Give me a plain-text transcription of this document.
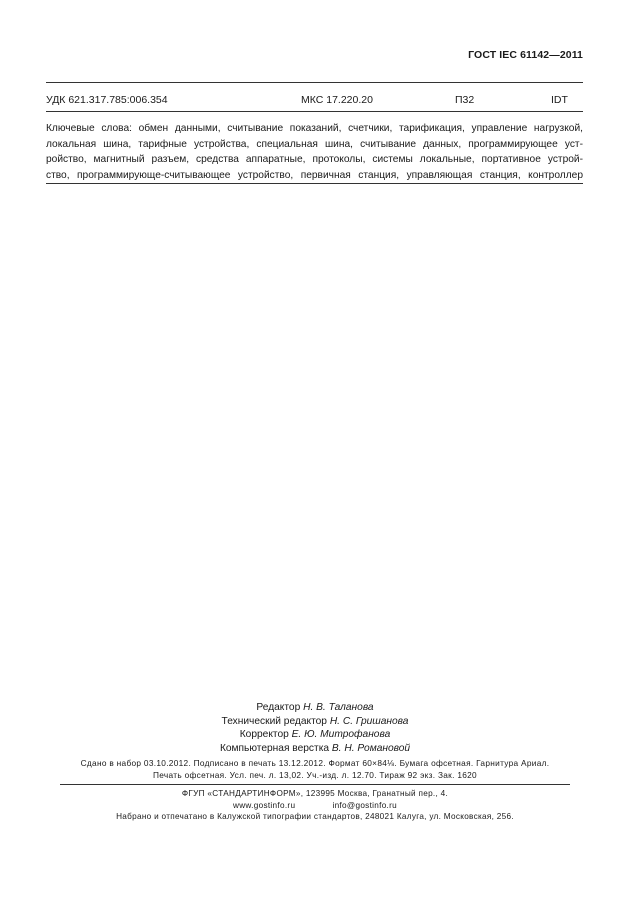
ГОСТ IEC 61142—2011
УДК 621.317.785:006.354	МКС 17.220.20	П32	IDT
Ключевые слова: обмен данными, считывание показаний, счетчики, тарификация, управление нагрузкой,
локальная шина, тарифные устройства, специальная шина, считывание данных, программирующее уст-
ройство, магнитный разъем, средства аппаратные, протоколы, системы локальные, портативное устрой-
ство, программирующе-считывающее устройство, первичная станция, управляющая станция, контроллер
Редактор Н. В. Таланова
Технический редактор Н. С. Гришанова
Корректор Е. Ю. Митрофанова
Компьютерная верстка В. Н. Романовой
Сдано в набор 03.10.2012. Подписано в печать 13.12.2012. Формат 60×84⅛. Бумага офсетная. Гарнитура Ариал.
Печать офсетная. Усл. печ. л. 13,02. Уч.-изд. л. 12.70. Тираж 92 экз. Зак. 1620
ФГУП «СТАНДАРТИНФОРМ», 123995 Москва, Гранатный пер., 4.
www.gostinfo.ru	info@gostinfo.ru
Набрано и отпечатано в Калужской типографии стандартов, 248021 Калуга, ул. Московская, 256.
